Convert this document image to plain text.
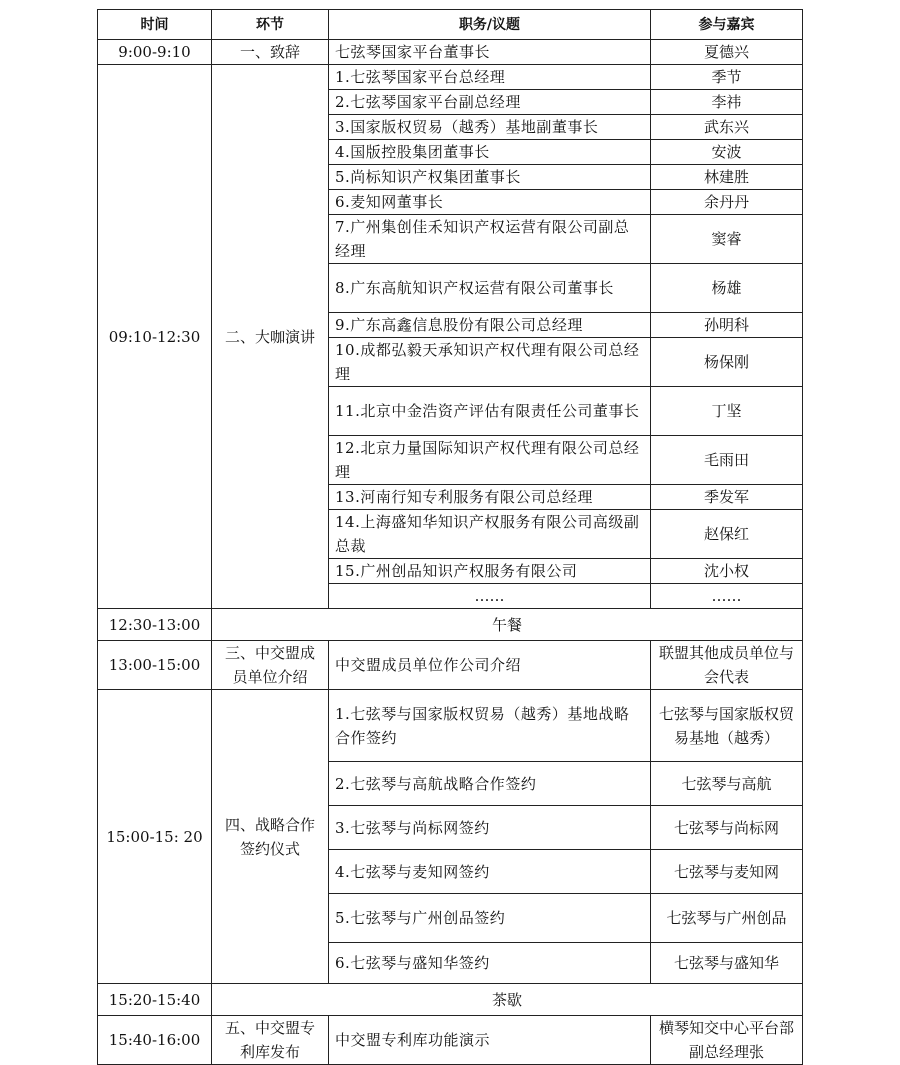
时间	环节	职务/议题	参与嘉宾
9:00-9:10	一、致辞	七弦琴国家平台董事长	夏德兴
09:10-12:30	二、大咖演讲	1.七弦琴国家平台总经理	季节
		2.七弦琴国家平台副总经理	李祎
		3.国家版权贸易（越秀）基地副董事长	武东兴
		4.国版控股集团董事长	安波
		5.尚标知识产权集团董事长	林建胜
		6.麦知网董事长	余丹丹
		7.广州集创佳禾知识产权运营有限公司副总经理	窦睿
		8.广东高航知识产权运营有限公司董事长	杨雄
		9.广东高鑫信息股份有限公司总经理	孙明科
		10.成都弘毅天承知识产权代理有限公司总经理	杨保刚
		11.北京中金浩资产评估有限责任公司董事长	丁坚
		12.北京力量国际知识产权代理有限公司总经理	毛雨田
		13.河南行知专利服务有限公司总经理	季发军
		14.上海盛知华知识产权服务有限公司高级副总裁	赵保红
		15.广州创品知识产权服务有限公司	沈小权
		……	……
12:30-13:00	午餐		
13:00-15:00	三、中交盟成员单位介绍	中交盟成员单位作公司介绍	联盟其他成员单位与会代表
15:00-15: 20	四、战略合作签约仪式	1.七弦琴与国家版权贸易（越秀）基地战略合作签约	七弦琴与国家版权贸易基地（越秀）
		2.七弦琴与高航战略合作签约	七弦琴与高航
		3.七弦琴与尚标网签约	七弦琴与尚标网
		4.七弦琴与麦知网签约	七弦琴与麦知网
		5.七弦琴与广州创品签约	七弦琴与广州创品
		6.七弦琴与盛知华签约	七弦琴与盛知华
15:20-15:40	茶歇		
15:40-16:00	五、中交盟专利库发布	中交盟专利库功能演示	横琴知交中心平台部副总经理张
